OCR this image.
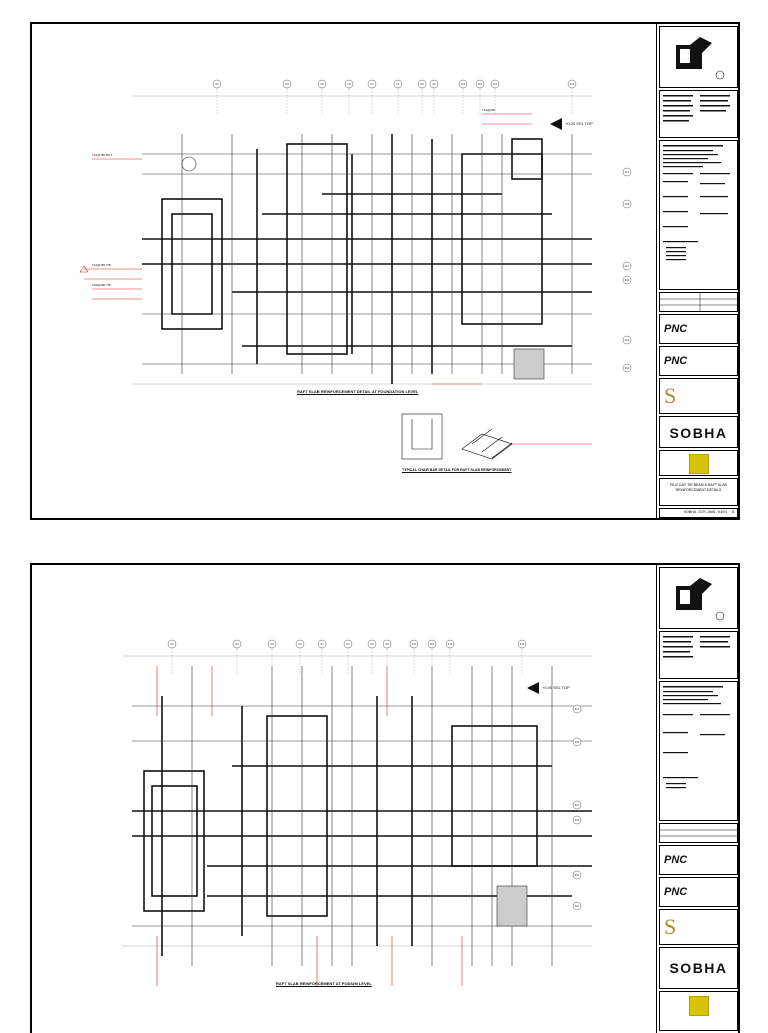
T10@150 BOT
T12@150 T/B
T16@200 T/B
T12@200
+0.00 SSL TOP
A1	A4	A5	A6	A7	A7'	A8	A9	A10	A10'	A11	A12
R-A
R-B
R-C
R-D
R-E
R-F
RAFT SLAB REINFORCEMENT DETAIL AT FOUNDATION LEVEL
TYPICAL CHAIR BAR DETAIL FOR RAFT SLAB REINFORCEMENT
PNC
PNC
S
SOBHA
PILE CAP, TIE BEAM & RAFT SLAB REINFORCEMENT DETAILS
SOBHA-STR-DWG-0101 A
+0.00 SSL TOP
A1	A4	A5	A6	A7	A7'	A8	A9	A10	A10'	A11	A12
R-A
R-B
R-C
R-D
R-E
R-F
RAFT SLAB REINFORCEMENT AT PODIUM LEVEL
PNC
PNC
S
SOBHA
